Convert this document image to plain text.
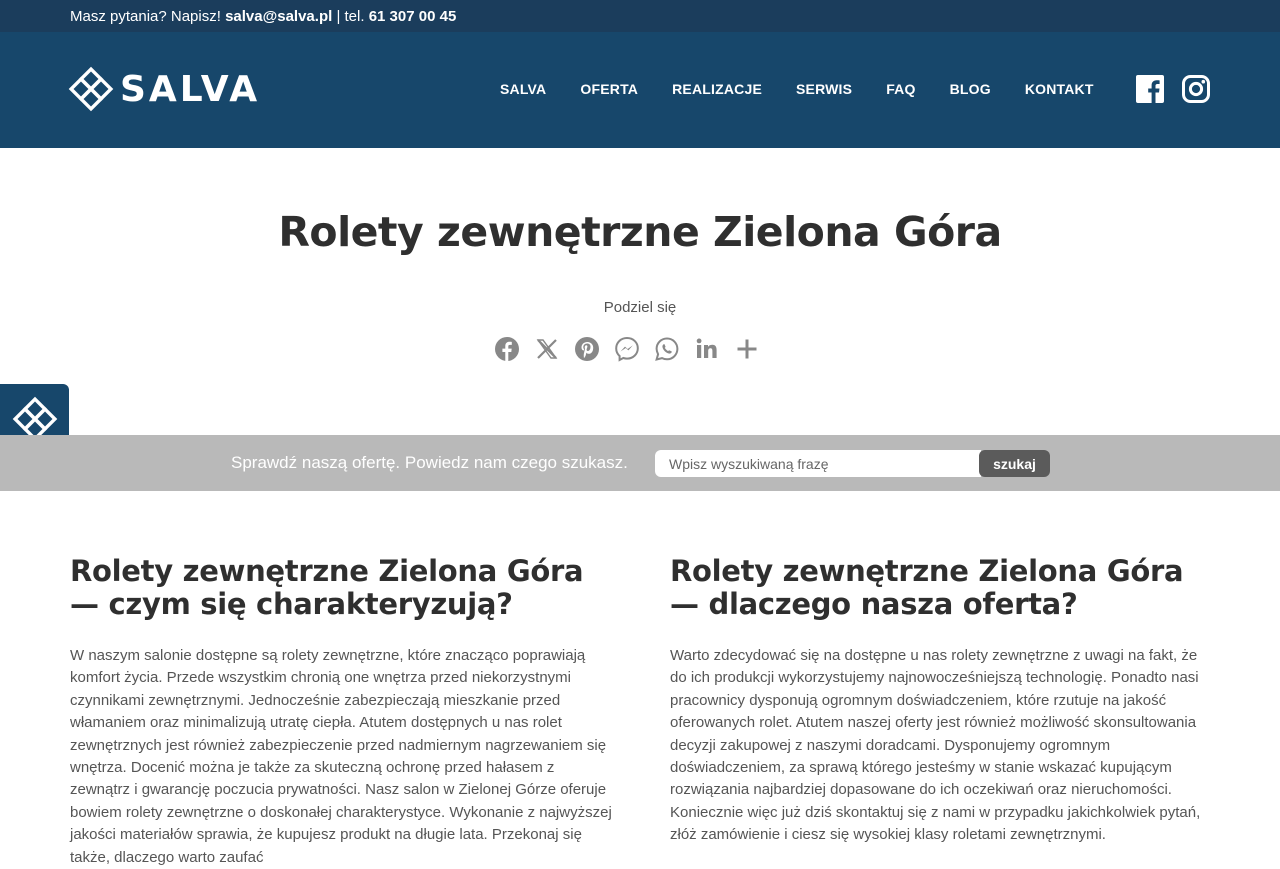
Masz pytania? Napisz! salva@salva.pl | tel. 61 307 00 45
SALVA	SALVA OFERTA REALIZACJE SERWIS FAQ BLOG KONTAKT
Rolety zewnętrzne Zielona Góra
Podziel się
Sprawdź naszą ofertę. Powiedz nam czego szukasz.
Wpisz wyszukiwaną frazę	szukaj
Rolety zewnętrzne Zielona Góra — czym się charakteryzują?

W naszym salonie dostępne są rolety zewnętrzne, które znacząco poprawiają komfort życia. Przede wszystkim chronią one wnętrza przed niekorzystnymi czynnikami zewnętrznymi. Jednocześnie zabezpieczają mieszkanie przed włamaniem oraz minimalizują utratę ciepła. Atutem dostępnych u nas rolet zewnętrznych jest również zabezpieczenie przed nadmiernym nagrzewaniem się wnętrza. Docenić można je także za skuteczną ochronę przed hałasem z zewnątrz i gwarancję poczucia prywatności. Nasz salon w Zielonej Górze oferuje bowiem rolety zewnętrzne o doskonałej charakterystyce. Wykonanie z najwyższej jakości materiałów sprawia, że kupujesz produkt na długie lata. Przekonaj się także, dlaczego warto zaufać

Rolety zewnętrzne Zielona Góra — dlaczego nasza oferta?

Warto zdecydować się na dostępne u nas rolety zewnętrzne z uwagi na fakt, że do ich produkcji wykorzystujemy najnowocześniejszą technologię. Ponadto nasi pracownicy dysponują ogromnym doświadczeniem, które rzutuje na jakość oferowanych rolet. Atutem naszej oferty jest również możliwość skonsultowania decyzji zakupowej z naszymi doradcami. Dysponujemy ogromnym doświadczeniem, za sprawą którego jesteśmy w stanie wskazać kupującym rozwiązania najbardziej dopasowane do ich oczekiwań oraz nieruchomości. Koniecznie więc już dziś skontaktuj się z nami w przypadku jakichkolwiek pytań, złóż zamówienie i ciesz się wysokiej klasy roletami zewnętrznymi.
